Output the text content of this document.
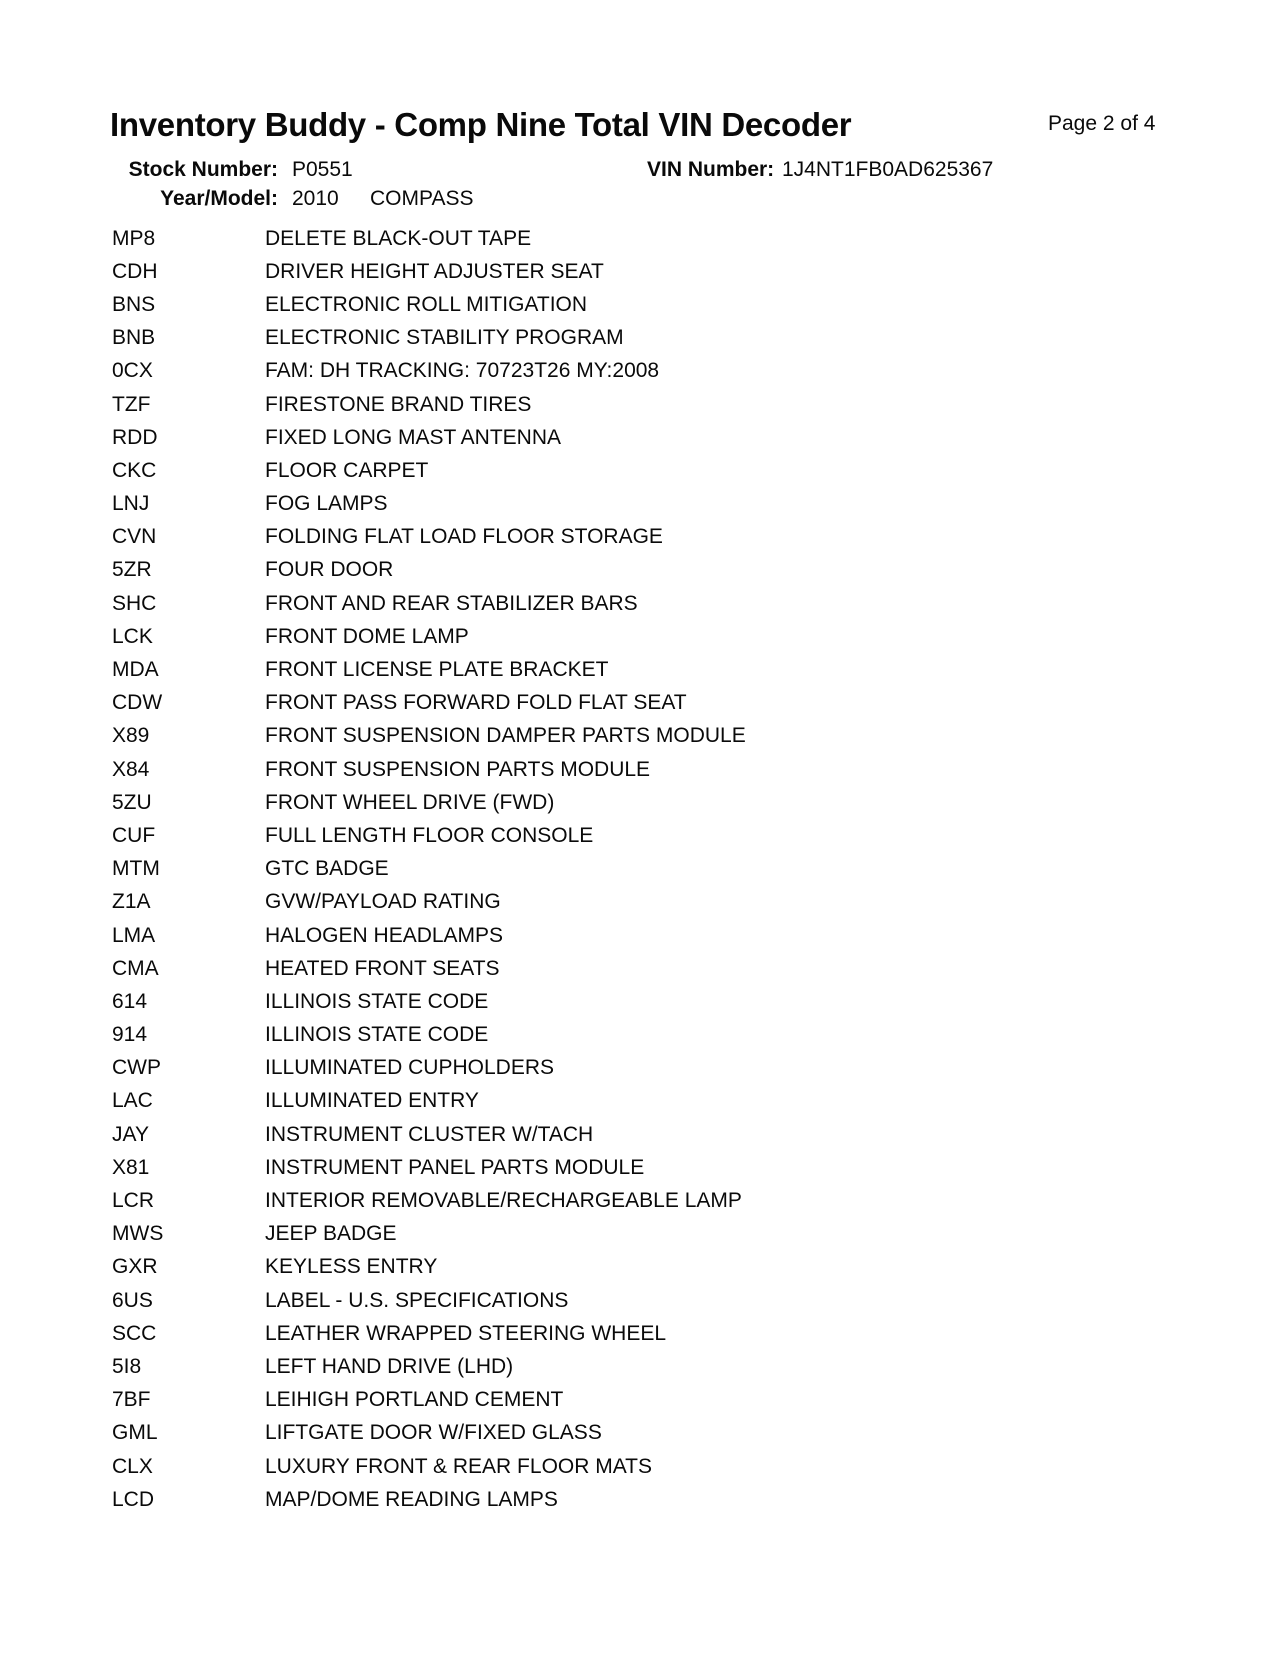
Inventory Buddy - Comp Nine Total VIN Decoder	Page 2 of 4
Stock Number: P0551	VIN Number: 1J4NT1FB0AD625367
Year/Model: 2010 COMPASS
MP8	DELETE BLACK-OUT TAPE
CDH	DRIVER HEIGHT ADJUSTER SEAT
BNS	ELECTRONIC ROLL MITIGATION
BNB	ELECTRONIC STABILITY PROGRAM
0CX	FAM: DH TRACKING: 70723T26 MY:2008
TZF	FIRESTONE BRAND TIRES
RDD	FIXED LONG MAST ANTENNA
CKC	FLOOR CARPET
LNJ	FOG LAMPS
CVN	FOLDING FLAT LOAD FLOOR STORAGE
5ZR	FOUR DOOR
SHC	FRONT AND REAR STABILIZER BARS
LCK	FRONT DOME LAMP
MDA	FRONT LICENSE PLATE BRACKET
CDW	FRONT PASS FORWARD FOLD FLAT SEAT
X89	FRONT SUSPENSION DAMPER PARTS MODULE
X84	FRONT SUSPENSION PARTS MODULE
5ZU	FRONT WHEEL DRIVE (FWD)
CUF	FULL LENGTH FLOOR CONSOLE
MTM	GTC BADGE
Z1A	GVW/PAYLOAD RATING
LMA	HALOGEN HEADLAMPS
CMA	HEATED FRONT SEATS
614	ILLINOIS STATE CODE
914	ILLINOIS STATE CODE
CWP	ILLUMINATED CUPHOLDERS
LAC	ILLUMINATED ENTRY
JAY	INSTRUMENT CLUSTER W/TACH
X81	INSTRUMENT PANEL PARTS MODULE
LCR	INTERIOR REMOVABLE/RECHARGEABLE LAMP
MWS	JEEP BADGE
GXR	KEYLESS ENTRY
6US	LABEL - U.S. SPECIFICATIONS
SCC	LEATHER WRAPPED STEERING WHEEL
5I8	LEFT HAND DRIVE (LHD)
7BF	LEIHIGH PORTLAND CEMENT
GML	LIFTGATE DOOR W/FIXED GLASS
CLX	LUXURY FRONT & REAR FLOOR MATS
LCD	MAP/DOME READING LAMPS
